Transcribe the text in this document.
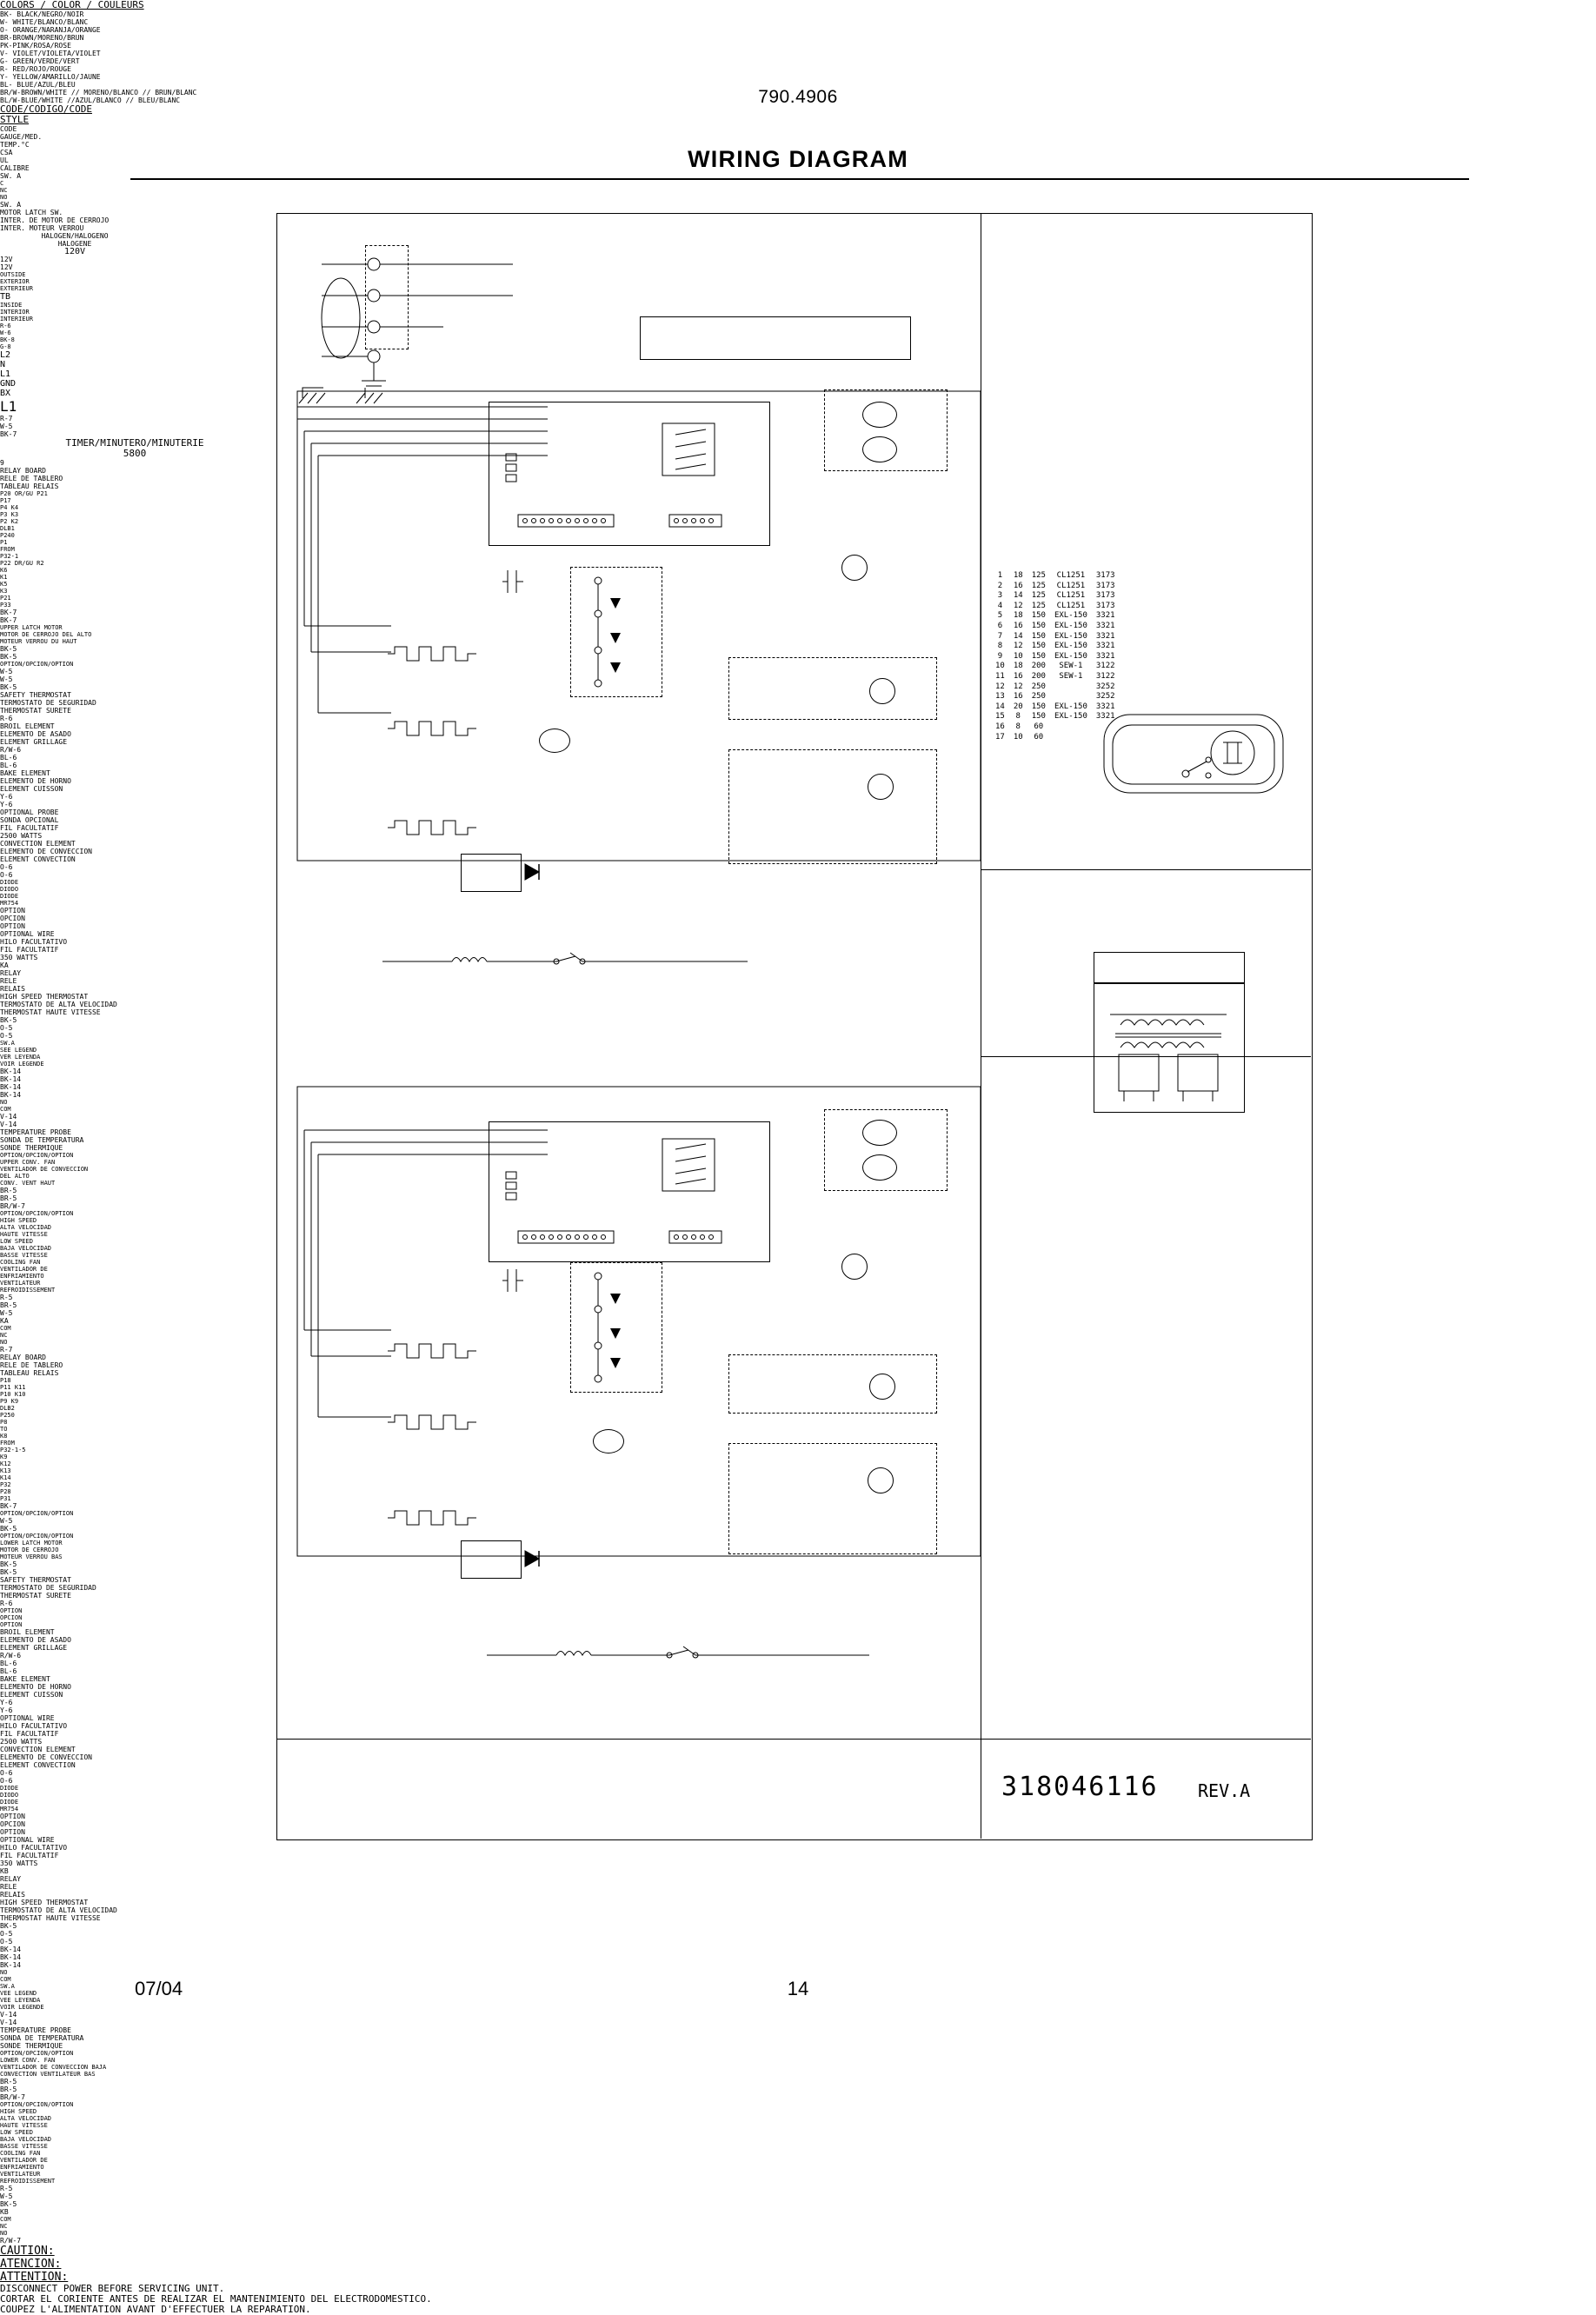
790.4906
WIRING DIAGRAM
COLORS / COLOR / COULEURS
BK- BLACK/NEGRO/NOIR
W- WHITE/BLANCO/BLANC
O- ORANGE/NARANJA/ORANGE
BR-BROWN/MORENO/BRUN
PK-PINK/ROSA/ROSE
V- VIOLET/VIOLETA/VIOLET
G- GREEN/VERDE/VERT
R- RED/ROJO/ROUGE
Y- YELLOW/AMARILLO/JAUNE
BL- BLUE/AZUL/BLEU
BR/W-BROWN/WHITE // MORENO/BLANCO // BRUN/BLANC
BL/W-BLUE/WHITE //AZUL/BLANCO // BLEU/BLANC
CODE/CODIGO/CODE
STYLE
CODE
GAUGE/MED.
TEMP.°C
CSA
UL
CALIBRE
1	18	125	CL1251	3173
2	16	125	CL1251	3173
3	14	125	CL1251	3173
4	12	125	CL1251	3173
5	18	150	EXL-150	3321
6	16	150	EXL-150	3321
7	14	150	EXL-150	3321
8	12	150	EXL-150	3321
9	10	150	EXL-150	3321
10	18	200	SEW-1	3122
11	16	200	SEW-1	3122
12	12	250		3252
13	16	250		3252
14	20	150	EXL-150	3321
15	8	150	EXL-150	3321
16	8	60		
17	10	60		
SW. A
C
NC
NO
SW. A
MOTOR LATCH SW.
INTER. DE MOTOR DE CERROJO
INTER. MOTEUR VERROU
HALOGEN/HALOGENO
HALOGENE
120V
12V
12V
OUTSIDE
EXTERIOR
EXTERIEUR
TB
INSIDE
INTERIOR
INTERIEUR
R-6
W-6
BK-8
G-8
L2
N
L1
GND
BX
L1
R-7
W-5
BK-7
TIMER/MINUTERO/MINUTERIE
5800
9
RELAY BOARD
RELE DE TABLERO
TABLEAU RELAIS
P20 OR/GU P21
P17
P4 K4
P3 K3
P2 K2
DLB1
P240
P1
FROM
P32-1
P22 DR/GU R2
K6
K1
K5
K3
P21
P33
BK-7
BK-7
UPPER LATCH MOTOR
MOTOR DE CERROJO DEL ALTO
MOTEUR VERROU DU HAUT
BK-5
BK-5
OPTION/OPCION/OPTION
W-5
W-5
BK-5
SAFETY THERMOSTAT
TERMOSTATO DE SEGURIDAD
THERMOSTAT SURETE
R-6
BROIL ELEMENT
ELEMENTO DE ASADO
ELEMENT GRILLAGE
R/W-6
BL-6
BL-6
BAKE ELEMENT
ELEMENTO DE HORNO
ELEMENT CUISSON
Y-6
Y-6
OPTIONAL PROBE
SONDA OPCIONAL
FIL FACULTATIF
2500 WATTS
CONVECTION ELEMENT
ELEMENTO DE CONVECCION
ELEMENT CONVECTION
O-6
O-6
DIODE
DIODO
DIODE
MR754
OPTION
OPCION
OPTION
OPTIONAL WIRE
HILO FACULTATIVO
FIL FACULTATIF
350 WATTS
KA
RELAY
RELE
RELAIS
HIGH SPEED THERMOSTAT
TERMOSTATO DE ALTA VELOCIDAD
THERMOSTAT HAUTE VITESSE
BK-5
O-5
O-5
SW.A
SEE LEGEND
VER LEYENDA
VOIR LEGENDE
BK-14
BK-14
BK-14
BK-14
NO
COM
V-14
V-14
TEMPERATURE PROBE
SONDA DE TEMPERATURA
SONDE THERMIQUE
OPTION/OPCION/OPTION
UPPER CONV. FAN
VENTILADOR DE CONVECCION
DEL ALTO
CONV. VENT HAUT
BR-5
BR-5
BR/W-7
OPTION/OPCION/OPTION
HIGH SPEED
ALTA VELOCIDAD
HAUTE VITESSE
LOW SPEED
BAJA VELOCIDAD
BASSE VITESSE
COOLING FAN
VENTILADOR DE
ENFRIAMIENTO
VENTILATEUR
REFROIDISSEMENT
R-5
BR-5
W-5
KA
COM
NC
NO
R-7
RELAY BOARD
RELE DE TABLERO
TABLEAU RELAIS
P18
P11 K11
P10 K10
P9 K9
DLB2
P250
P8
TO
K8
FROM
P32-1-5
K9
K12
K13
K14
P32
P28
P31
BK-7
OPTION/OPCION/OPTION
W-5
BK-5
OPTION/OPCION/OPTION
LOWER LATCH MOTOR
MOTOR DE CERROJO
MOTEUR VERROU BAS
BK-5
BK-5
SAFETY THERMOSTAT
TERMOSTATO DE SEGURIDAD
THERMOSTAT SURETE
R-6
OPTION
OPCION
OPTION
BROIL ELEMENT
ELEMENTO DE ASADO
ELEMENT GRILLAGE
R/W-6
BL-6
BL-6
BAKE ELEMENT
ELEMENTO DE HORNO
ELEMENT CUISSON
Y-6
Y-6
OPTIONAL WIRE
HILO FACULTATIVO
FIL FACULTATIF
2500 WATTS
CONVECTION ELEMENT
ELEMENTO DE CONVECCION
ELEMENT CONVECTION
O-6
O-6
DIODE
DIODO
DIODE
MR754
OPTION
OPCION
OPTION
OPTIONAL WIRE
HILO FACULTATIVO
FIL FACULTATIF
350 WATTS
KB
RELAY
RELE
RELAIS
HIGH SPEED THERMOSTAT
TERMOSTATO DE ALTA VELOCIDAD
THERMOSTAT HAUTE VITESSE
BK-5
O-5
O-5
BK-14
BK-14
BK-14
NO
COM
SW.A
VEE LEGEND
VEE LEYENDA
VOIR LEGENDE
V-14
V-14
TEMPERATURE PROBE
SONDA DE TEMPERATURA
SONDE THERMIQUE
OPTION/OPCION/OPTION
LOWER CONV. FAN
VENTILADOR DE CONVECCION BAJA
CONVECTION VENTILATEUR BAS
BR-5
BR-5
BR/W-7
OPTION/OPCION/OPTION
HIGH SPEED
ALTA VELOCIDAD
HAUTE VITESSE
LOW SPEED
BAJA VELOCIDAD
BASSE VITESSE
COOLING FAN
VENTILADOR DE
ENFRIAMIENTO
VENTILATEUR
REFROIDISSEMENT
R-5
W-5
BK-5
KB
COM
NC
NO
R/W-7
CAUTION:
ATENCION:
ATTENTION:
DISCONNECT POWER BEFORE SERVICING UNIT.
CORTAR EL CORIENTE ANTES DE REALIZAR EL MANTENIMIENTO DEL ELECTRODOMESTICO.
COUPEZ L'ALIMENTATION AVANT D'EFFECTUER LA REPARATION.
318046116 REV.A
07/04	14
